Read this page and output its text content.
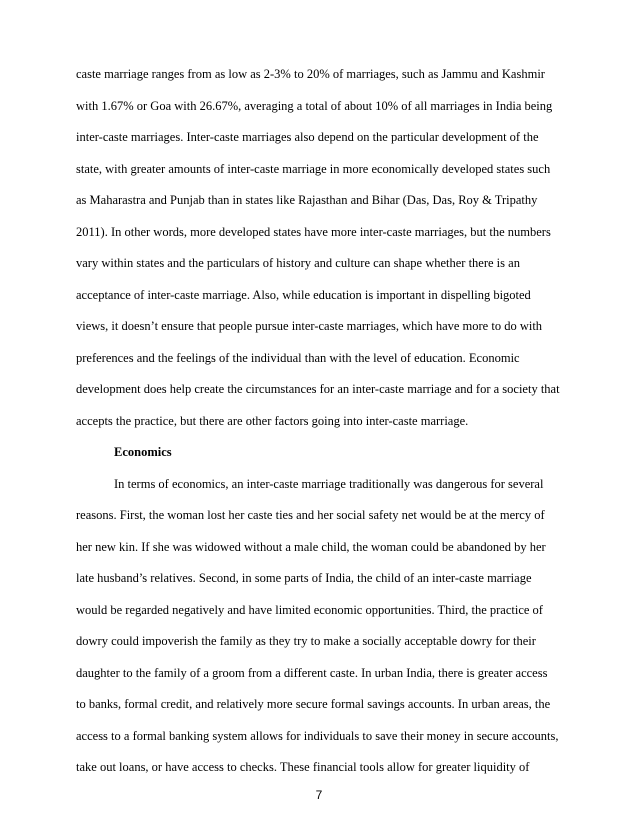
caste marriage ranges from as low as 2-3% to 20% of marriages, such as Jammu and Kashmir
with 1.67% or Goa with 26.67%, averaging a total of about 10% of all marriages in India being
inter-caste marriages. Inter-caste marriages also depend on the particular development of the
state, with greater amounts of inter-caste marriage in more economically developed states such
as Maharastra and Punjab than in states like Rajasthan and Bihar (Das, Das, Roy & Tripathy
2011). In other words, more developed states have more inter-caste marriages, but the numbers
vary within states and the particulars of history and culture can shape whether there is an
acceptance of inter-caste marriage. Also, while education is important in dispelling bigoted
views, it doesn’t ensure that people pursue inter-caste marriages, which have more to do with
preferences and the feelings of the individual than with the level of education. Economic
development does help create the circumstances for an inter-caste marriage and for a society that
accepts the practice, but there are other factors going into inter-caste marriage.
Economics
In terms of economics, an inter-caste marriage traditionally was dangerous for several
reasons. First, the woman lost her caste ties and her social safety net would be at the mercy of
her new kin. If she was widowed without a male child, the woman could be abandoned by her
late husband’s relatives. Second, in some parts of India, the child of an inter-caste marriage
would be regarded negatively and have limited economic opportunities. Third, the practice of
dowry could impoverish the family as they try to make a socially acceptable dowry for their
daughter to the family of a groom from a different caste. In urban India, there is greater access
to banks, formal credit, and relatively more secure formal savings accounts. In urban areas, the
access to a formal banking system allows for individuals to save their money in secure accounts,
take out loans, or have access to checks. These financial tools allow for greater liquidity of
7
